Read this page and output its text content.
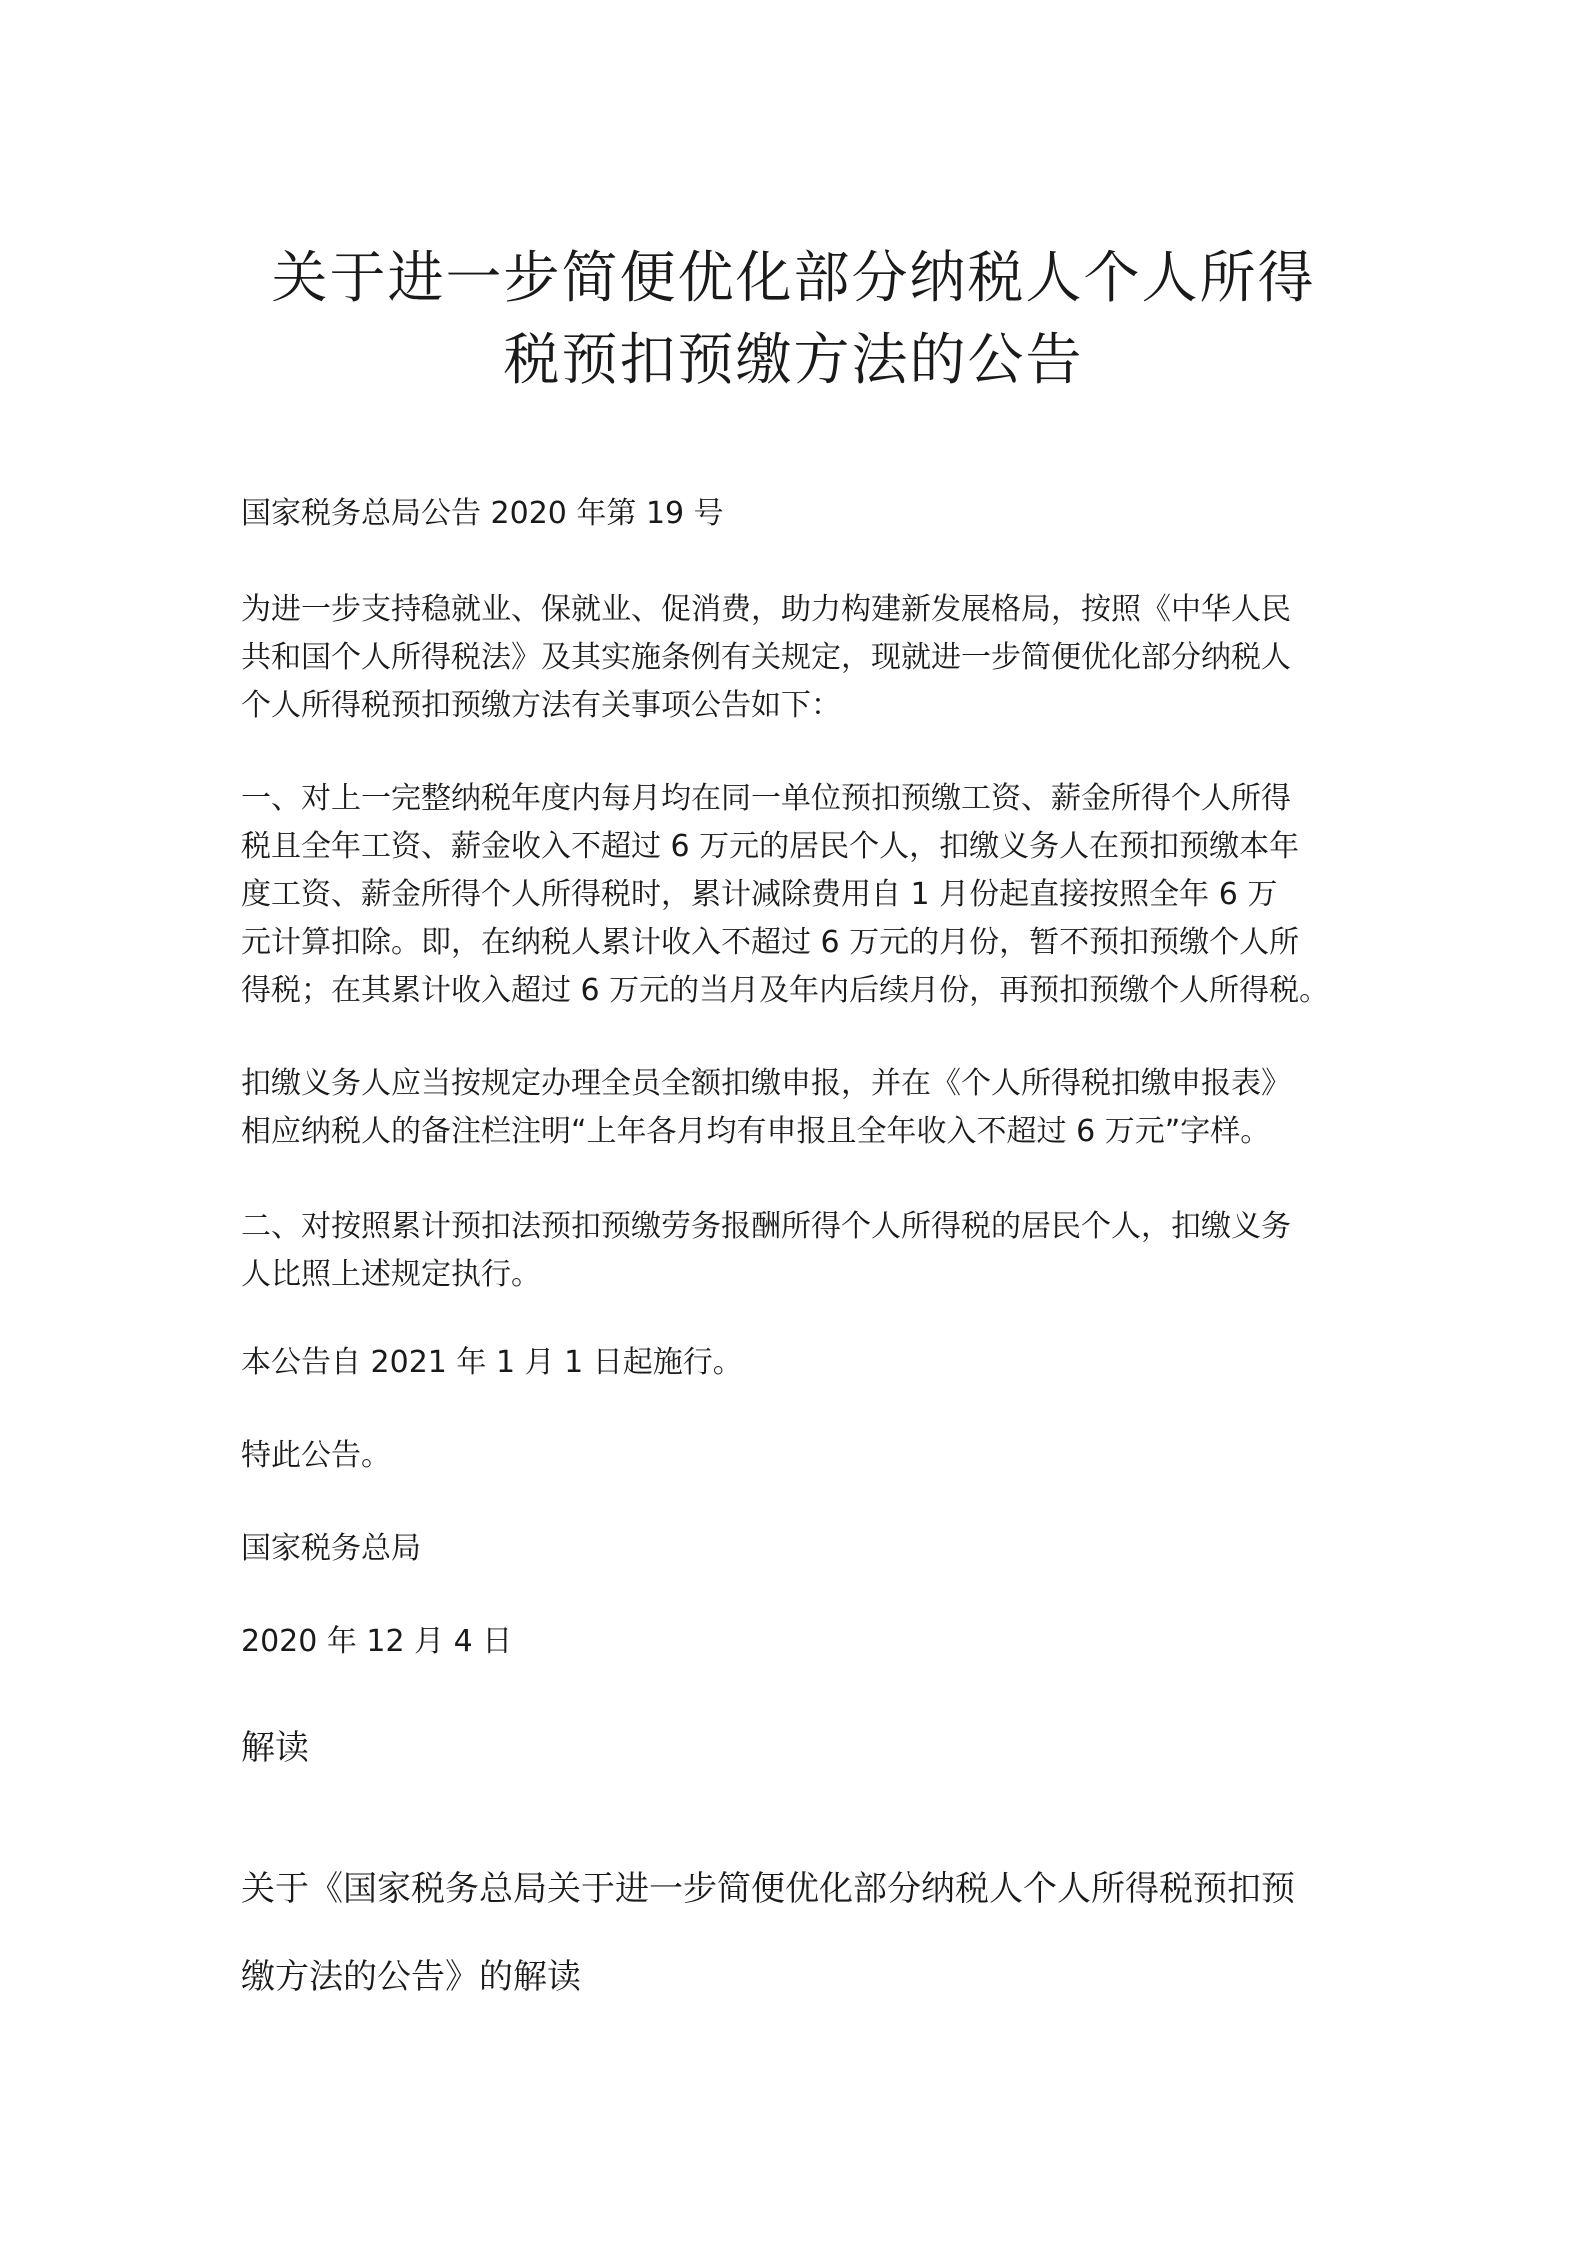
关于进一步简便优化部分纳税人个人所得
税预扣预缴方法的公告

国家税务总局公告 2020 年第 19 号

为进一步支持稳就业、保就业、促消费，助力构建新发展格局，按照《中华人民
共和国个人所得税法》及其实施条例有关规定，现就进一步简便优化部分纳税人
个人所得税预扣预缴方法有关事项公告如下：

一、对上一完整纳税年度内每月均在同一单位预扣预缴工资、薪金所得个人所得
税且全年工资、薪金收入不超过 6 万元的居民个人，扣缴义务人在预扣预缴本年
度工资、薪金所得个人所得税时，累计减除费用自 1 月份起直接按照全年 6 万
元计算扣除。即，在纳税人累计收入不超过 6 万元的月份，暂不预扣预缴个人所
得税；在其累计收入超过 6 万元的当月及年内后续月份，再预扣预缴个人所得税。

扣缴义务人应当按规定办理全员全额扣缴申报，并在《个人所得税扣缴申报表》
相应纳税人的备注栏注明“上年各月均有申报且全年收入不超过 6 万元”字样。

二、对按照累计预扣法预扣预缴劳务报酬所得个人所得税的居民个人，扣缴义务
人比照上述规定执行。

本公告自 2021 年 1 月 1 日起施行。

特此公告。

国家税务总局

2020 年 12 月 4 日

解读

关于《国家税务总局关于进一步简便优化部分纳税人个人所得税预扣预
缴方法的公告》的解读
